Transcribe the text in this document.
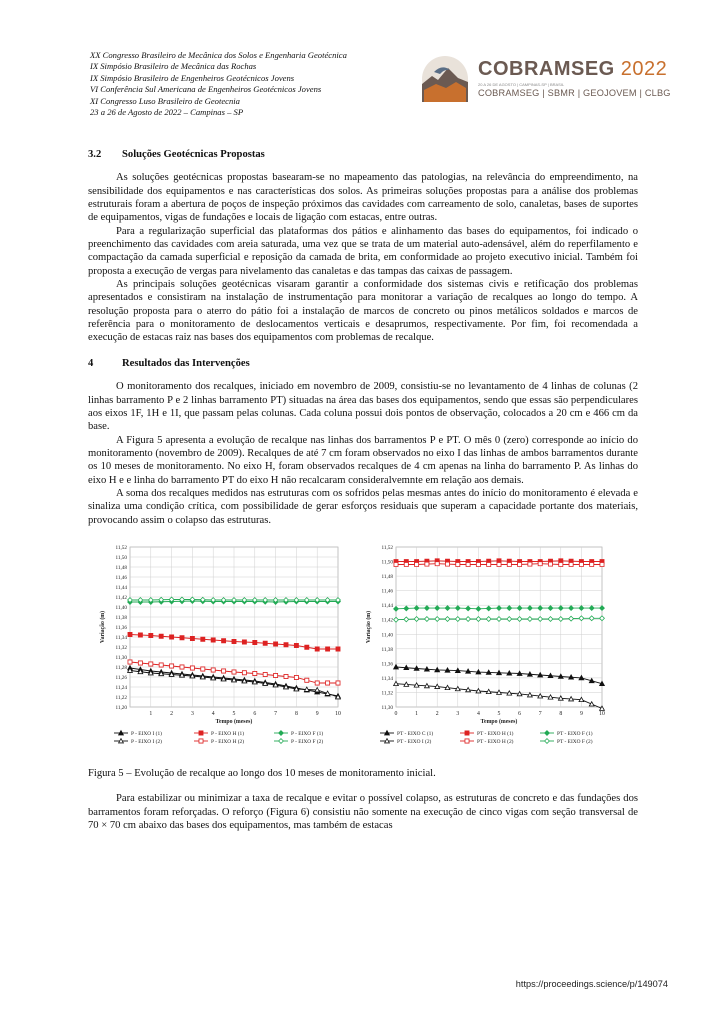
XX Congresso Brasileiro de Mecânica dos Solos e Engenharia Geotécnica
IX Simpósio Brasileiro de Mecânica das Rochas
IX Simpósio Brasileiro de Engenheiros Geotécnicos Jovens
VI Conferência Sul Americana de Engenheiros Geotécnicos Jovens
XI Congresso Luso Brasileiro de Geotecnia
23 a 26 de Agosto de 2022 – Campinas – SP
COBRAMSEG 2022
20 A 26 DE AGOSTO | CAMPINAS-SP | BRASIL
COBRAMSEG | SBMR | GEOJOVEM | CLBG
3.2	Soluções Geotécnicas Propostas

As soluções geotécnicas propostas basearam-se no mapeamento das patologias, na relevância do empreendimento, na sensibilidade dos equipamentos e nas características dos solos. As primeiras soluções propostas para a análise dos problemas estruturais foram a abertura de poços de inspeção próximos das cavidades com carreamento de solo, canaletas, bases de suportes de equipamentos, vigas de fundações e locais de ligação com estacas, entre outras.

Para a regularização superficial das plataformas dos pátios e alinhamento das bases do equipamentos, foi indicado o preenchimento das cavidades com areia saturada, uma vez que se trata de um material auto-adensável, além do reperfilamento e compactação da camada superficial e reposição da camada de brita, em conformidade ao projeto executivo inicial. Também foi proposta a execução de vergas para nivelamento das canaletas e das tampas das caixas de passagem.

As principais soluções geotécnicas visaram garantir a conformidade dos sistemas civis e retificação dos problemas apresentados e consistiram na instalação de instrumentação para monitorar a variação de recalques ao longo do tempo. A resolução proposta para o aterro do pátio foi a instalação de marcos de concreto ou pinos metálicos soldados e marcos de referência para o monitoramento de deslocamentos verticais e desaprumos, respectivamente. Por fim, foi recomendada a execução de estacas raiz nas bases dos equipamentos com problemas de recalque.

4	Resultados das Intervenções

O monitoramento dos recalques, iniciado em novembro de 2009, consistiu-se no levantamento de 4 linhas de colunas (2 linhas barramento P e 2 linhas barramento PT) situadas na área das bases dos equipamentos, sendo que essas são perpendiculares aos eixos 1F, 1H e 1I, que passam pelas colunas. Cada coluna possui dois pontos de observação, colocados a 20 cm e 466 cm da base.

A Figura 5 apresenta a evolução de recalque nas linhas dos barramentos P e PT. O mês 0 (zero) corresponde ao início do monitoramento (novembro de 2009). Recalques de até 7 cm foram observados no eixo I das linhas de ambos barramentos durante os 10 meses de monitoramento. No eixo H, foram observados recalques de 4 cm apenas na linha do barramento P. As linhas do eixo H e e linha do barramento PT do eixo H não recalcaram consideralvemnte em relação aos demais.

A soma dos recalques medidos nas estruturas com os sofridos pelas mesmas antes do início do monitoramento é elevada e sinaliza uma condição crítica, com possibilidade de gerar esforços residuais que superam a capacidade portante dos materiais, provocando assim o colapso das estruturas.

11,52
11,50
11,48
11,46
11,44
11,42
11,40
11,38
11,36
11,34
11,32
11,30
11,28
11,26
11,24
11,22
11,20
1	2	3	4	5	6	7	8	9	10
Tempo (meses)
Variação (m)
P - EIXO I (1)
P - EIXO I (2)
P - EIXO H (1)
P - EIXO H (2)
P - EIXO F (1)
P - EIXO F (2)
11,52
11,50
11,48
11,46
11,44
11,42
11,40
11,38
11,36
11,34
11,32
11,30
0	1	2	3	4	5	6	7	8	9	10
Tempo (meses)
Variação (m)
PT - EIXO C (1)
PT - EIXO I (2)
PT - EIXO H (1)
PT - EIXO H (2)
PT - EIXO F (1)
PT - EIXO F (2)

Figura 5 – Evolução de recalque ao longo dos 10 meses de monitoramento inicial.

Para estabilizar ou minimizar a taxa de recalque e evitar o possível colapso, as estruturas de concreto e das fundações dos barramentos foram reforçadas. O reforço (Figura 6) consistiu não somente na execução de cinco vigas com seção transversal de 70 × 70 cm abaixo das bases dos equipamentos, mas também de estacas

https://proceedings.science/p/149074
